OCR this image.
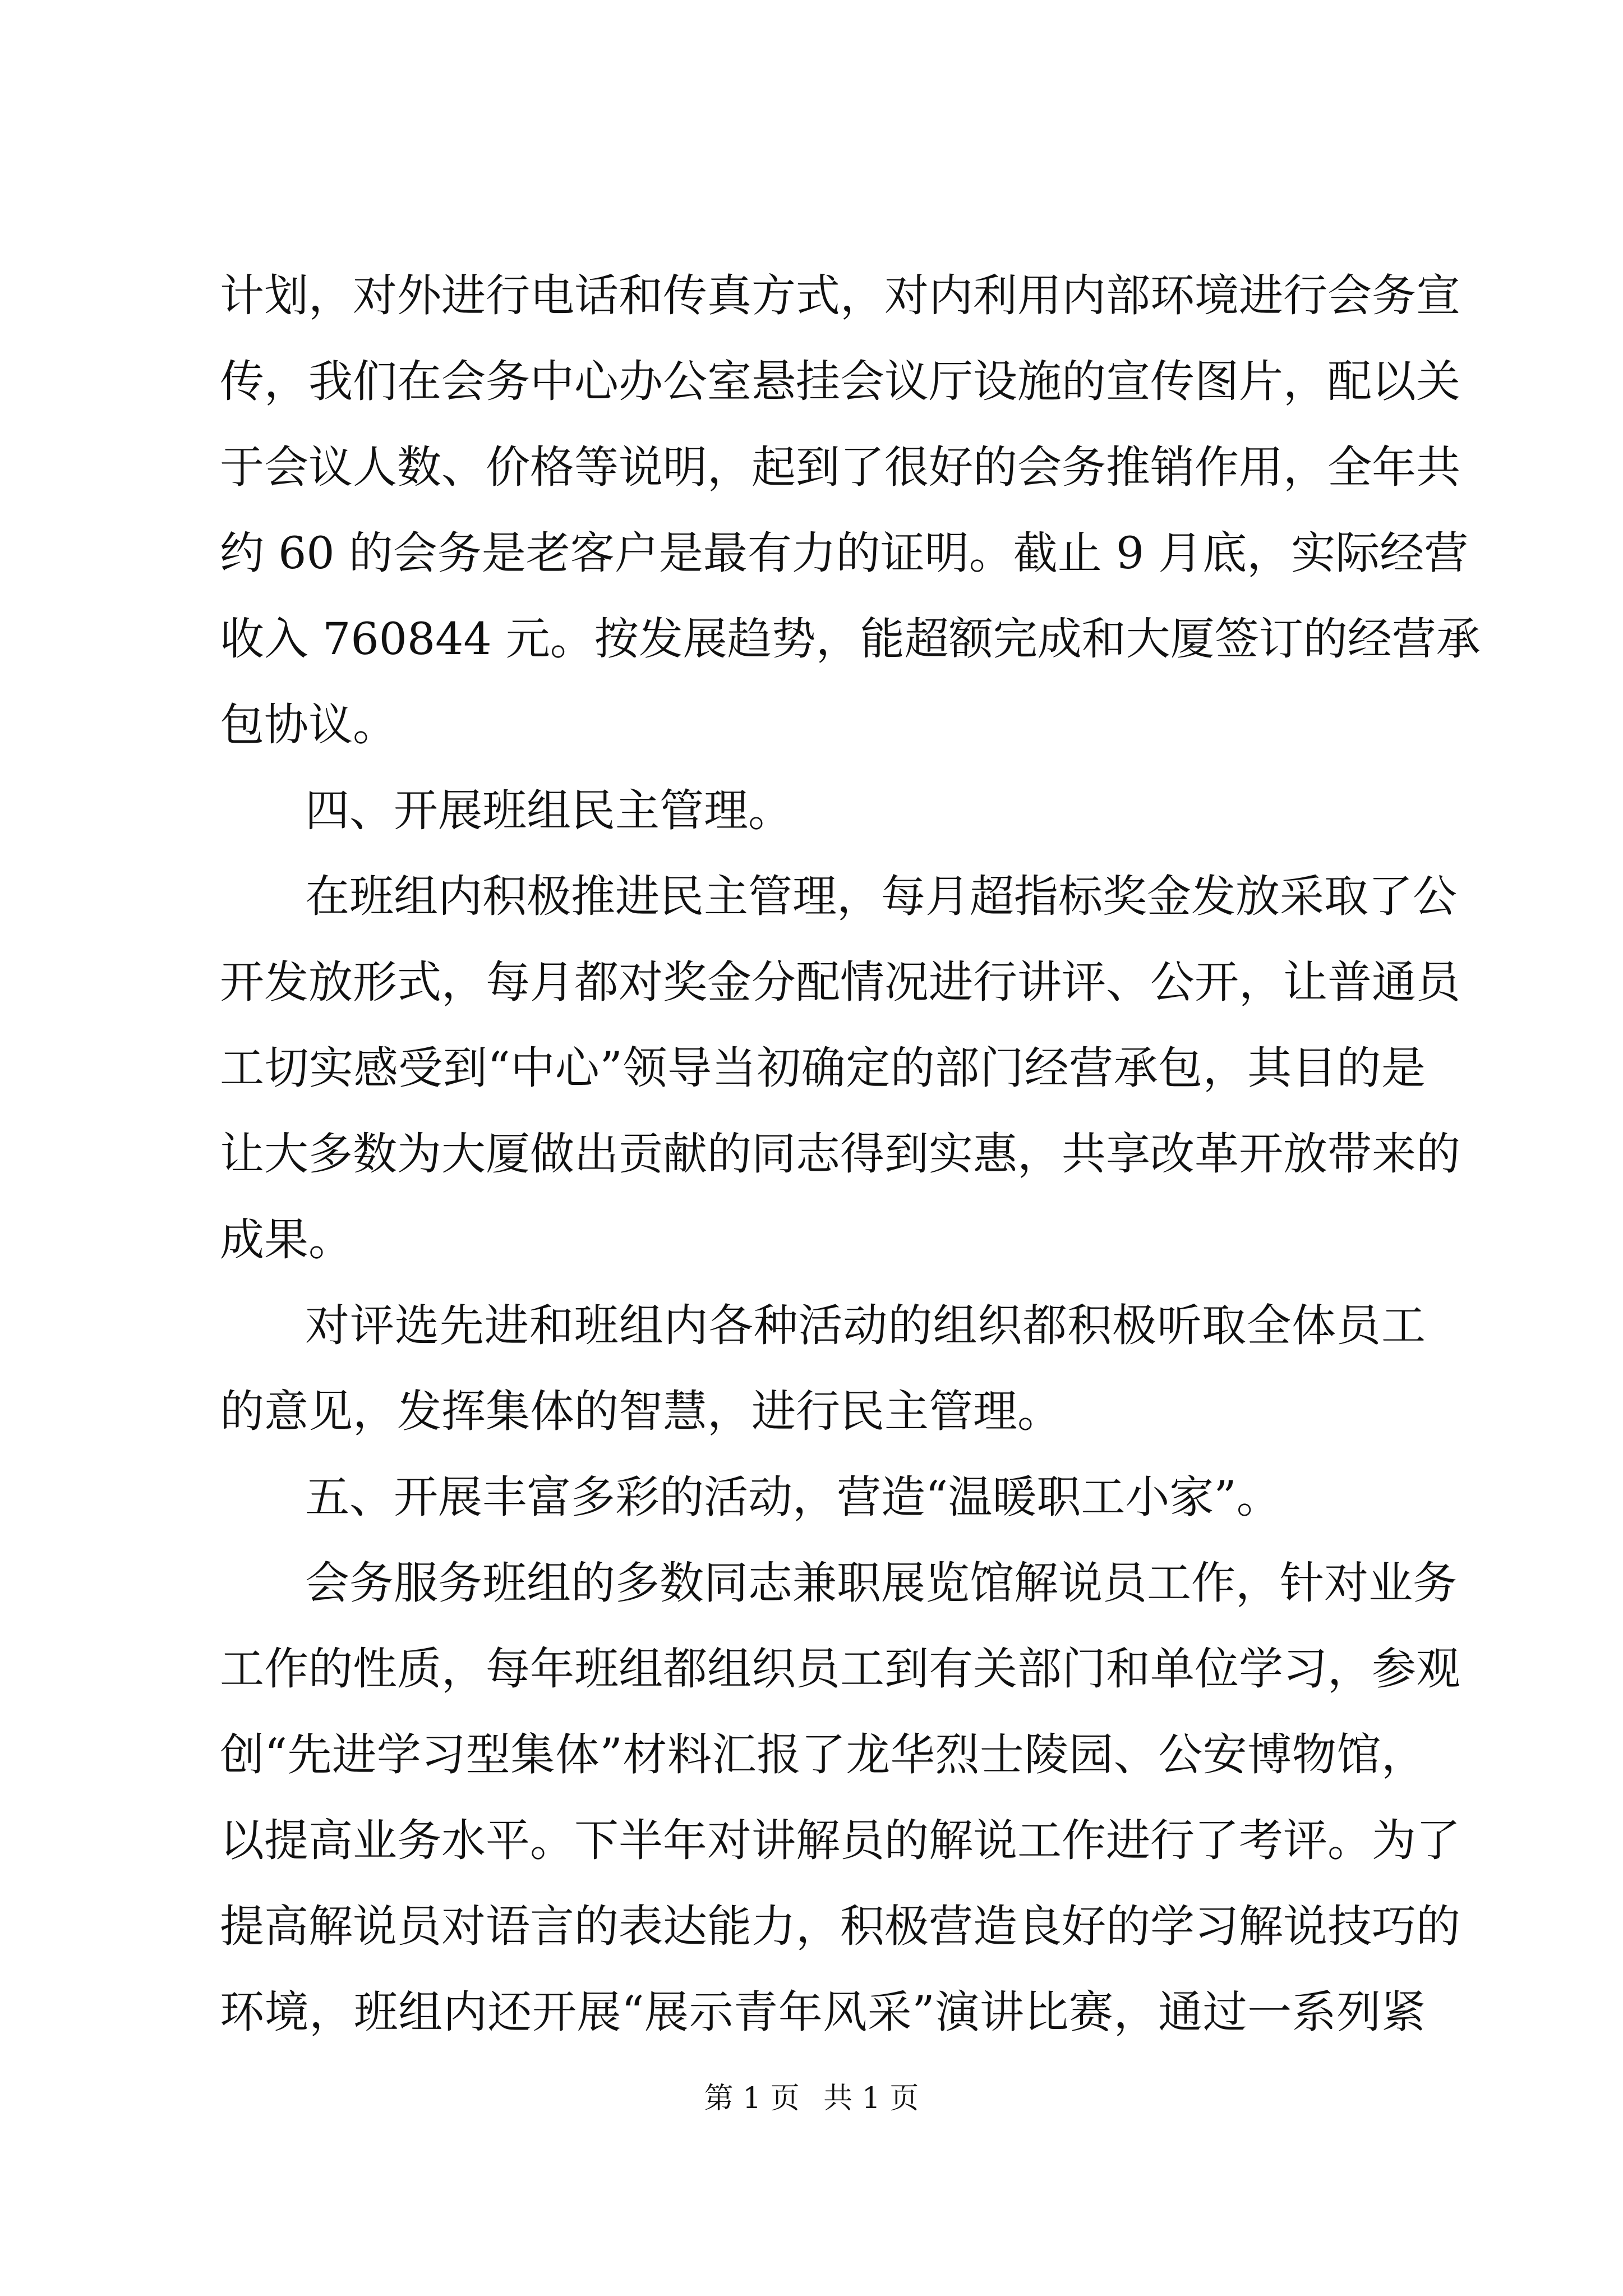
计划，对外进行电话和传真方式，对内利用内部环境进行会务宣
传，我们在会务中心办公室悬挂会议厅设施的宣传图片，配以关
于会议人数、价格等说明，起到了很好的会务推销作用，全年共
约 60 的会务是老客户是最有力的证明。截止 9 月底，实际经营
收入 760844 元。按发展趋势，能超额完成和大厦签订的经营承
包协议。
四、开展班组民主管理。
在班组内积极推进民主管理，每月超指标奖金发放采取了公
开发放形式，每月都对奖金分配情况进行讲评、公开，让普通员
工切实感受到“中心”领导当初确定的部门经营承包，其目的是
让大多数为大厦做出贡献的同志得到实惠，共享改革开放带来的
成果。
对评选先进和班组内各种活动的组织都积极听取全体员工
的意见，发挥集体的智慧，进行民主管理。
五、开展丰富多彩的活动，营造“温暖职工小家”。
会务服务班组的多数同志兼职展览馆解说员工作，针对业务
工作的性质，每年班组都组织员工到有关部门和单位学习，参观
创“先进学习型集体”材料汇报了龙华烈士陵园、公安博物馆，
以提高业务水平。下半年对讲解员的解说工作进行了考评。为了
提高解说员对语言的表达能力，积极营造良好的学习解说技巧的
环境，班组内还开展“展示青年风采”演讲比赛，通过一系列紧
第 1 页 共 1 页
